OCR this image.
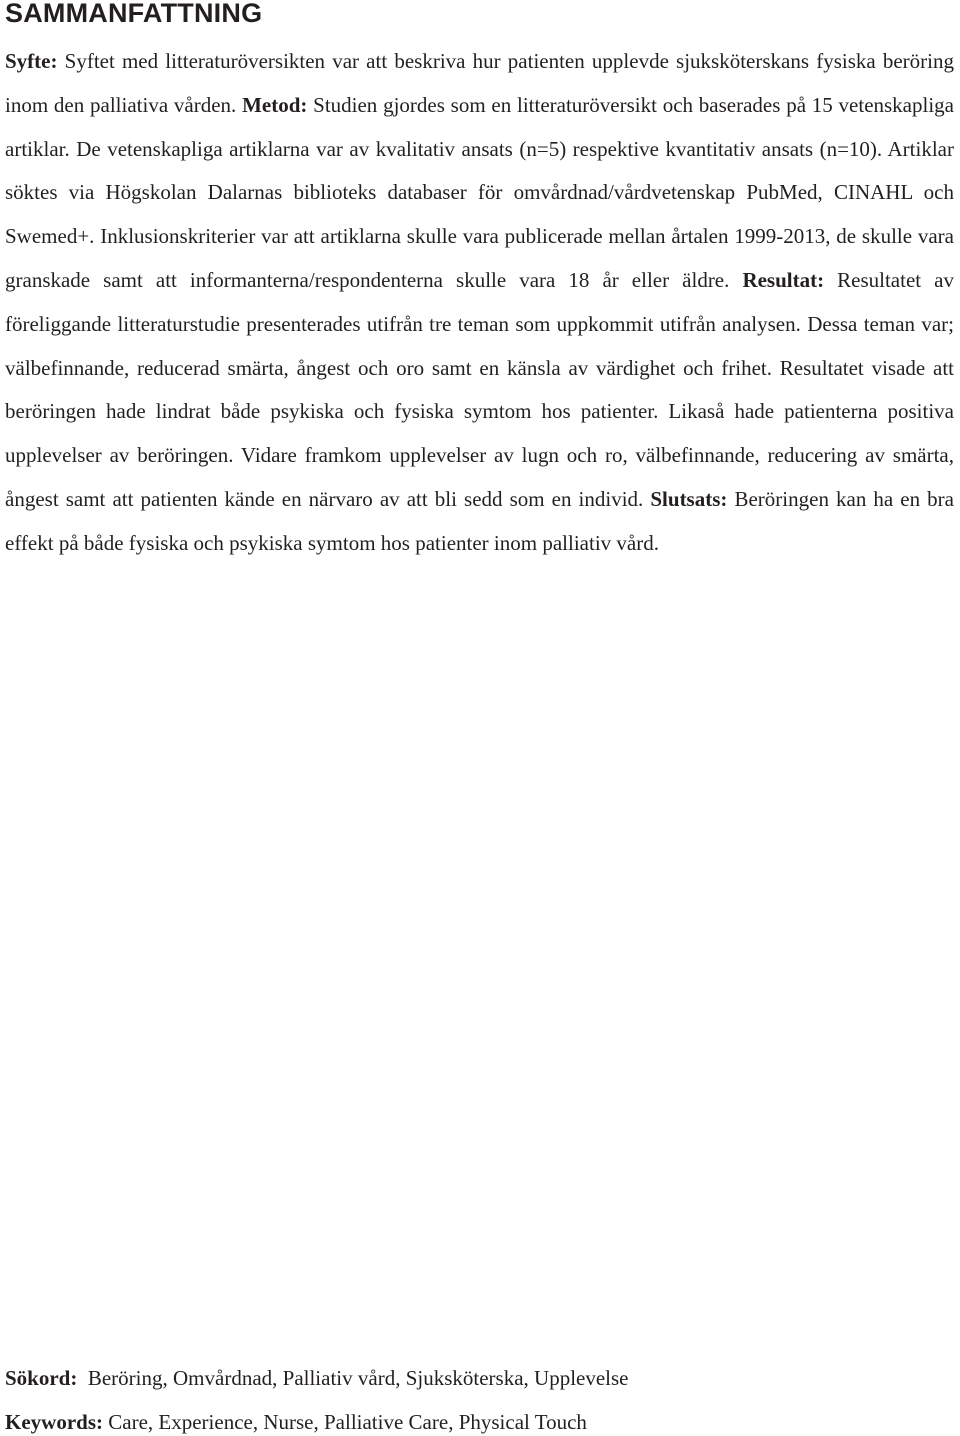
SAMMANFATTNING

Syfte: Syftet med litteraturöversikten var att beskriva hur patienten upplevde sjuksköterskans fysiska beröring inom den palliativa vården. Metod: Studien gjordes som en litteraturöversikt och baserades på 15 vetenskapliga artiklar. De vetenskapliga artiklarna var av kvalitativ ansats (n=5) respektive kvantitativ ansats (n=10). Artiklar söktes via Högskolan Dalarnas biblioteks databaser för omvårdnad/vårdvetenskap PubMed, CINAHL och Swemed+. Inklusionskriterier var att artiklarna skulle vara publicerade mellan årtalen 1999-2013, de skulle vara granskade samt att informanterna/respondenterna skulle vara 18 år eller äldre. Resultat: Resultatet av föreliggande litteraturstudie presenterades utifrån tre teman som uppkommit utifrån analysen. Dessa teman var; välbefinnande, reducerad smärta, ångest och oro samt en känsla av värdighet och frihet. Resultatet visade att beröringen hade lindrat både psykiska och fysiska symtom hos patienter. Likaså hade patienterna positiva upplevelser av beröringen. Vidare framkom upplevelser av lugn och ro, välbefinnande, reducering av smärta, ångest samt att patienten kände en närvaro av att bli sedd som en individ. Slutsats: Beröringen kan ha en bra effekt på både fysiska och psykiska symtom hos patienter inom palliativ vård.

Sökord: Beröring, Omvårdnad, Palliativ vård, Sjuksköterska, Upplevelse

Keywords: Care, Experience, Nurse, Palliative Care, Physical Touch
